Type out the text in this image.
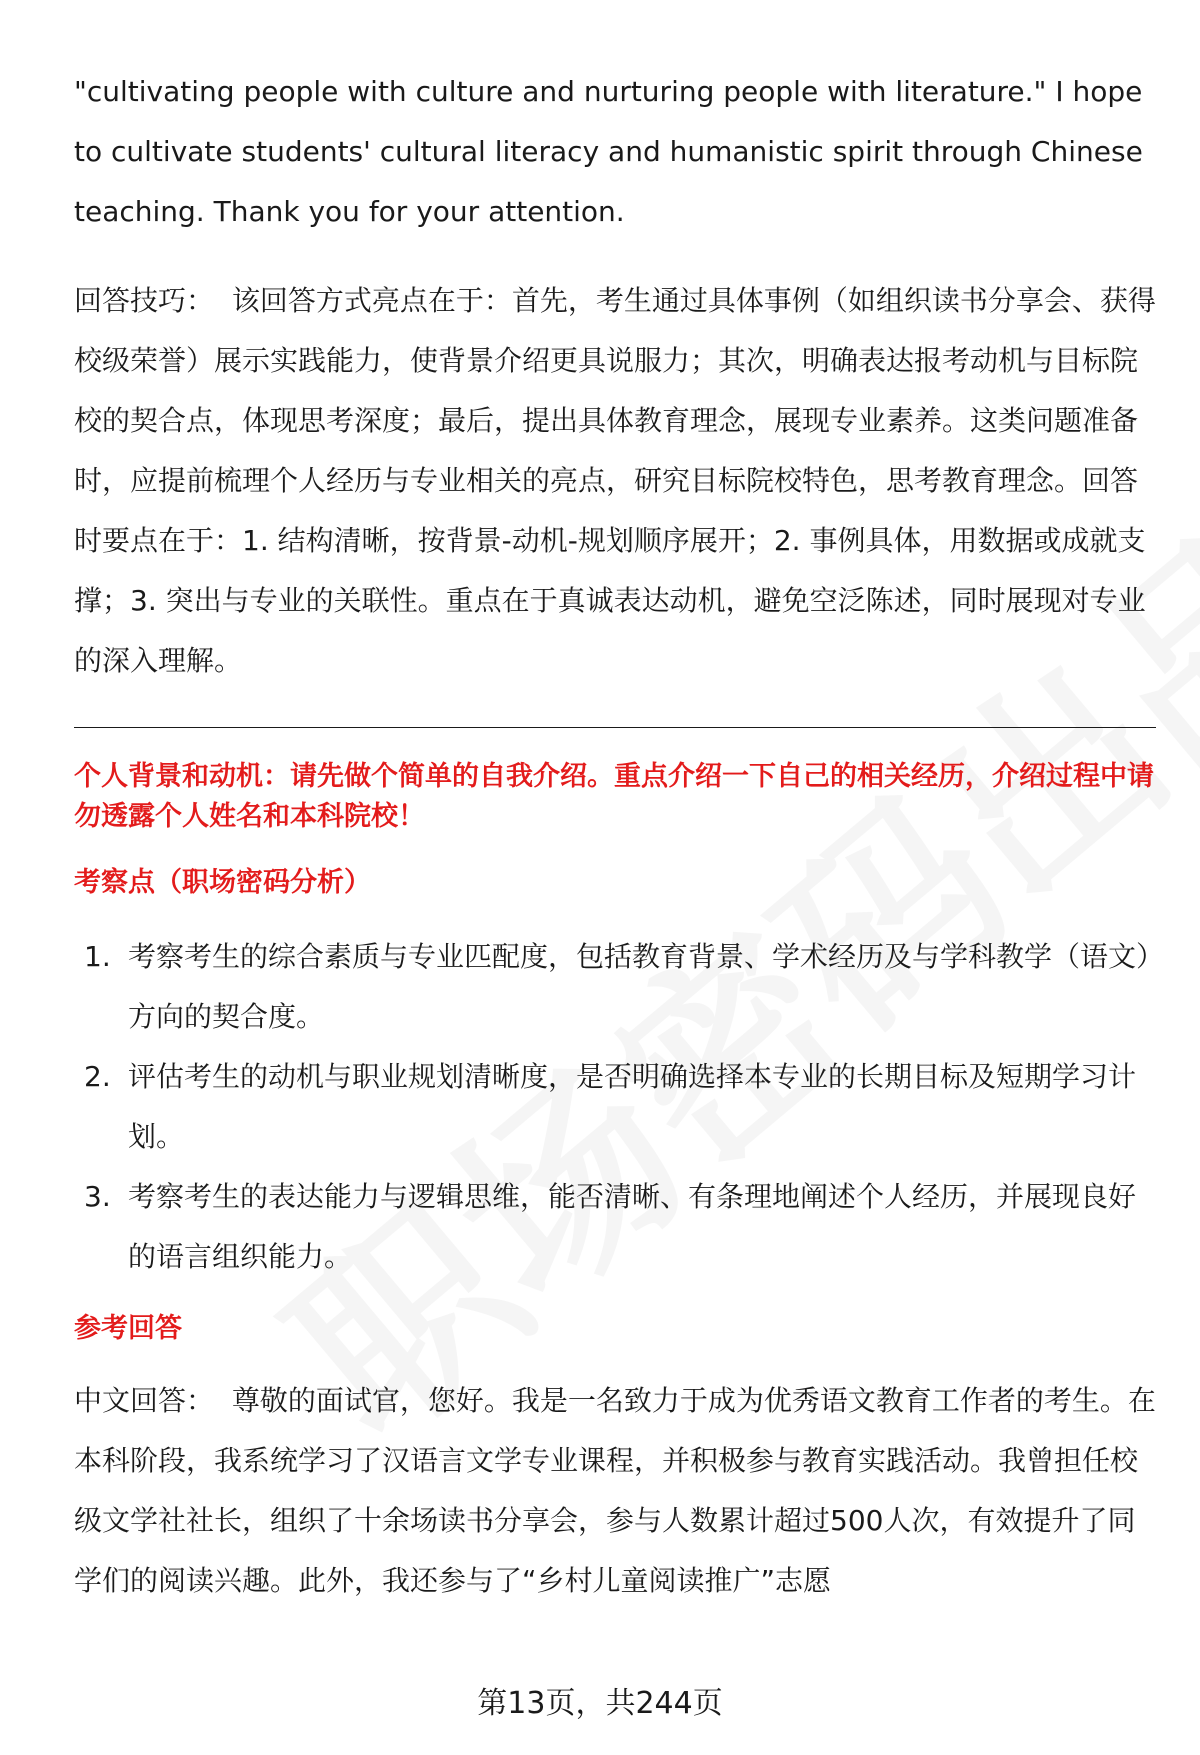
"cultivating people with culture and nurturing people with literature." I hope to cultivate students' cultural literacy and humanistic spirit through Chinese teaching. Thank you for your attention.

回答技巧： 该回答方式亮点在于：首先，考生通过具体事例（如组织读书分享会、获得校级荣誉）展示实践能力，使背景介绍更具说服力；其次，明确表达报考动机与目标院校的契合点，体现思考深度；最后，提出具体教育理念，展现专业素养。这类问题准备时，应提前梳理个人经历与专业相关的亮点，研究目标院校特色，思考教育理念。回答时要点在于：1. 结构清晰，按背景-动机-规划顺序展开；2. 事例具体，用数据或成就支撑；3. 突出与专业的关联性。重点在于真诚表达动机，避免空泛陈述，同时展现对专业的深入理解。

个人背景和动机：请先做个简单的自我介绍。重点介绍一下自己的相关经历，介绍过程中请勿透露个人姓名和本科院校！

考察点（职场密码分析）

1. 考察考生的综合素质与专业匹配度，包括教育背景、学术经历及与学科教学（语文）方向的契合度。
2. 评估考生的动机与职业规划清晰度，是否明确选择本专业的长期目标及短期学习计划。
3. 考察考生的表达能力与逻辑思维，能否清晰、有条理地阐述个人经历，并展现良好的语言组织能力。

参考回答

中文回答： 尊敬的面试官，您好。我是一名致力于成为优秀语文教育工作者的考生。在本科阶段，我系统学习了汉语言文学专业课程，并积极参与教育实践活动。我曾担任校级文学社社长，组织了十余场读书分享会，参与人数累计超过500人次，有效提升了同学们的阅读兴趣。此外，我还参与了“乡村儿童阅读推广”志愿

第13页，共244页
